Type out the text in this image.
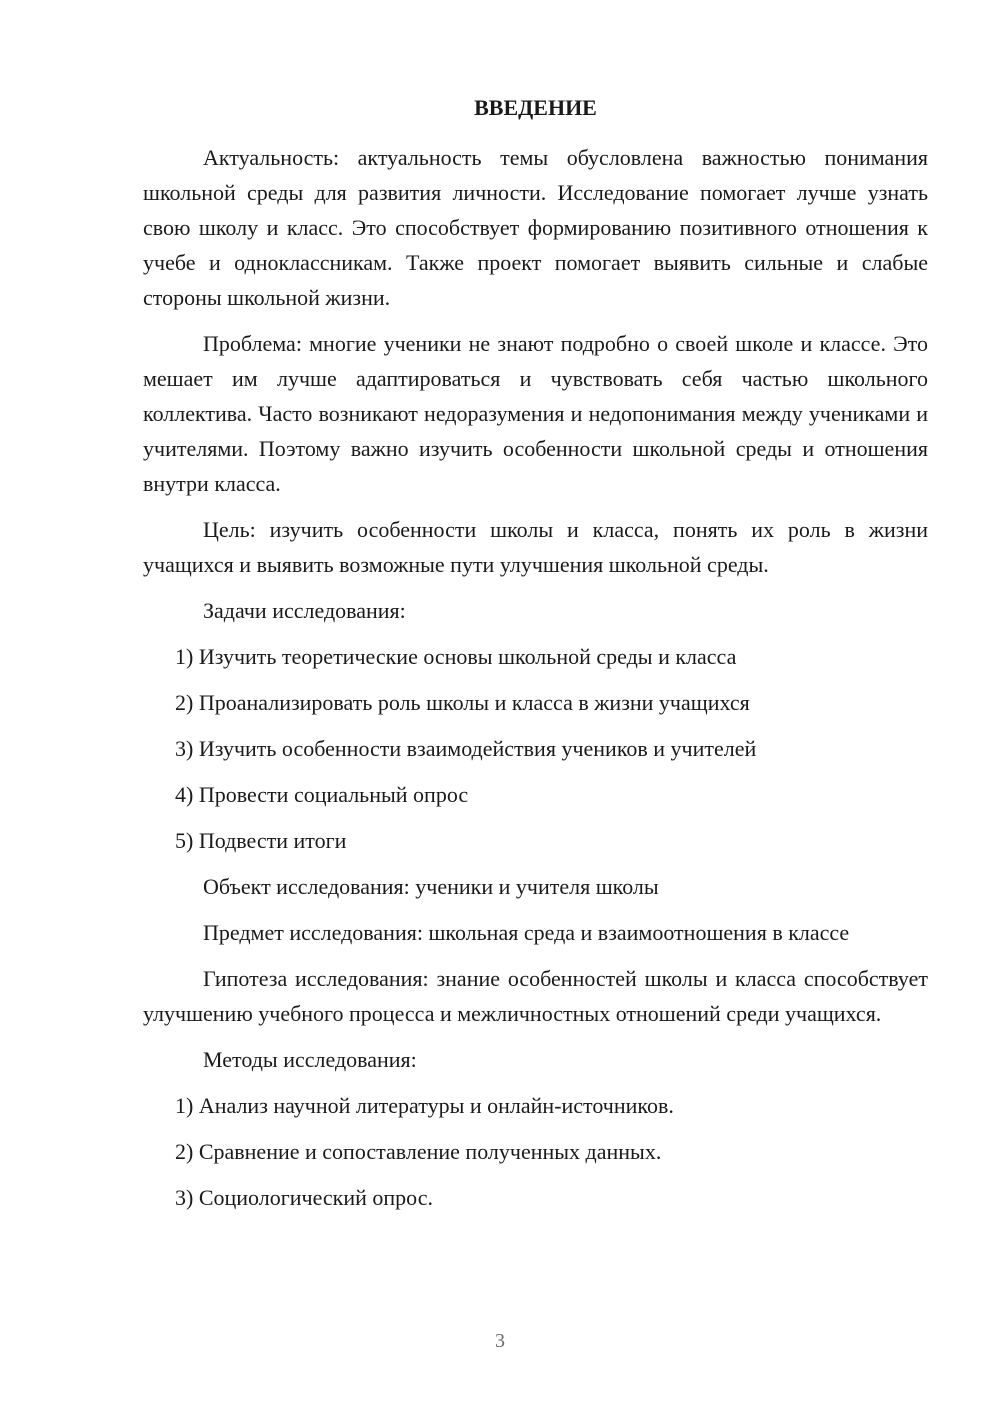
ВВЕДЕНИЕ

Актуальность: актуальность темы обусловлена важностью понимания школьной среды для развития личности. Исследование помогает лучше узнать свою школу и класс. Это способствует формированию позитивного отношения к учебе и одноклассникам. Также проект помогает выявить сильные и слабые стороны школьной жизни.

Проблема: многие ученики не знают подробно о своей школе и классе. Это мешает им лучше адаптироваться и чувствовать себя частью школьного коллектива. Часто возникают недоразумения и недопонимания между учениками и учителями. Поэтому важно изучить особенности школьной среды и отношения внутри класса.

Цель: изучить особенности школы и класса, понять их роль в жизни учащихся и выявить возможные пути улучшения школьной среды.

Задачи исследования:

1) Изучить теоретические основы школьной среды и класса

2) Проанализировать роль школы и класса в жизни учащихся

3) Изучить особенности взаимодействия учеников и учителей

4) Провести социальный опрос

5) Подвести итоги

Объект исследования: ученики и учителя школы

Предмет исследования: школьная среда и взаимоотношения в классе

Гипотеза исследования: знание особенностей школы и класса способствует улучшению учебного процесса и межличностных отношений среди учащихся.

Методы исследования:

1) Анализ научной литературы и онлайн-источников.

2) Сравнение и сопоставление полученных данных.

3) Социологический опрос.

3
